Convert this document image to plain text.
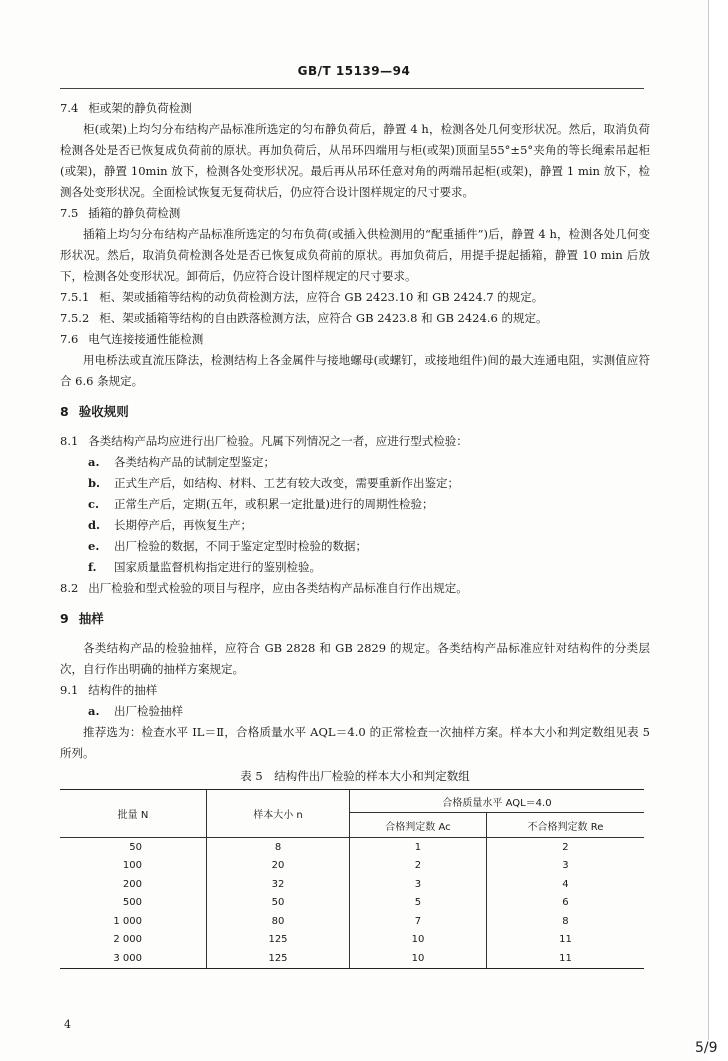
GB/T 15139—94
7.4 柜或架的静负荷检测

柜(或架)上均匀分布结构产品标准所选定的匀布静负荷后，静置 4 h，检测各处几何变形状况。然后，取消负荷检测各处是否已恢复成负荷前的原状。再加负荷后，从吊环四端用与柜(或架)顶面呈55°±5°夹角的等长绳索吊起柜(或架)，静置 10min 放下，检测各处变形状况。最后再从吊环任意对角的两端吊起柜(或架)，静置 1 min 放下，检测各处变形状况。全面检试恢复无复荷状后，仍应符合设计图样规定的尺寸要求。

7.5 插箱的静负荷检测

插箱上均匀分布结构产品标准所选定的匀布负荷(或插入供检测用的“配重插件”)后，静置 4 h，检测各处几何变形状况。然后，取消负荷检测各处是否已恢复成负荷前的原状。再加负荷后，用提手提起插箱，静置 10 min 后放下，检测各处变形状况。卸荷后，仍应符合设计图样规定的尺寸要求。

7.5.1 柜、架或插箱等结构的动负荷检测方法，应符合 GB 2423.10 和 GB 2424.7 的规定。
7.5.2 柜、架或插箱等结构的自由跌落检测方法，应符合 GB 2423.8 和 GB 2424.6 的规定。
7.6 电气连接接通性能检测

用电桥法或直流压降法，检测结构上各金属件与接地螺母(或螺钉，或接地组件)间的最大连通电阻，实测值应符合 6.6 条规定。

8 验收规则
8.1 各类结构产品均应进行出厂检验。凡属下列情况之一者，应进行型式检验：
a. 各类结构产品的试制定型鉴定；
b. 正式生产后，如结构、材料、工艺有较大改变，需要重新作出鉴定；
c. 正常生产后，定期(五年，或积累一定批量)进行的周期性检验；
d. 长期停产后，再恢复生产；
e. 出厂检验的数据，不同于鉴定定型时检验的数据；
f. 国家质量监督机构指定进行的鉴别检验。
8.2 出厂检验和型式检验的项目与程序，应由各类结构产品标准自行作出规定。
9 抽样

各类结构产品的检验抽样，应符合 GB 2828 和 GB 2829 的规定。各类结构产品标准应针对结构件的分类层次，自行作出明确的抽样方案规定。

9.1 结构件的抽样
a. 出厂检验抽样

推荐选为：检查水平 IL＝Ⅱ，合格质量水平 AQL＝4.0 的正常检查一次抽样方案。样本大小和判定数组见表 5 所列。

表 5　结构件出厂检验的样本大小和判定数组
批量 N	样本大小 n	合格质量水平 AQL＝4.0	
		合格判定数 Ac	不合格判定数 Re
50	8	1	2
100	20	2	3
200	32	3	4
500	50	5	6
1 000	80	7	8
2 000	125	10	11
3 000	125	10	11
4
5/9
